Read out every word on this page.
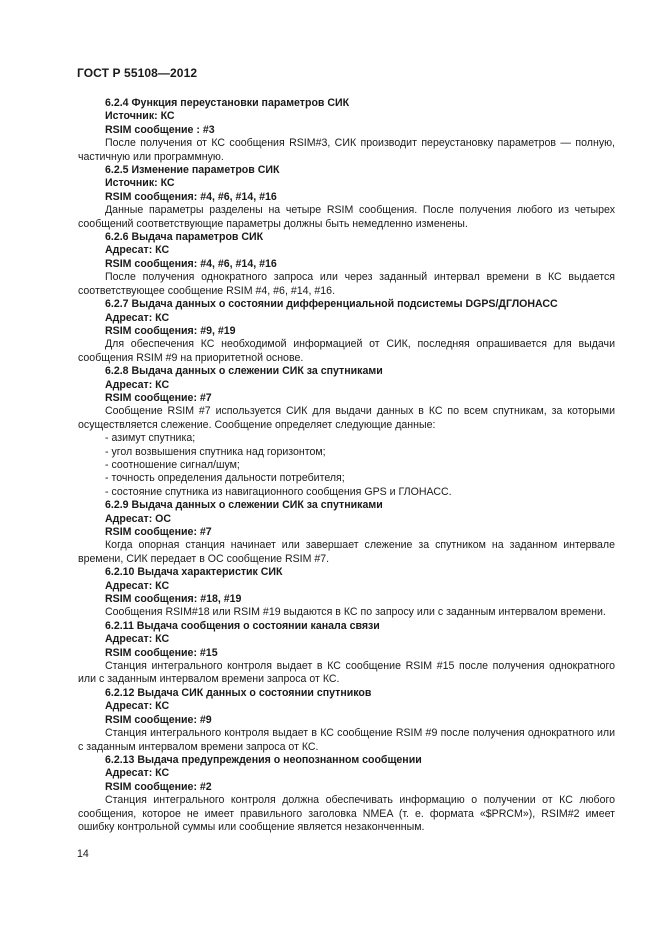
ГОСТ Р 55108—2012

6.2.4 Функция переустановки параметров СИК

Источник: КС

RSIM сообщение : #3

После получения от КС сообщения RSIM#3, СИК производит переустановку параметров — полную, частичную или программную.

6.2.5 Изменение параметров СИК

Источник: КС

RSIM сообщения: #4, #6, #14, #16

Данные параметры разделены на четыре RSIM сообщения. После получения любого из четырех сообщений соответствующие параметры должны быть немедленно изменены.

6.2.6 Выдача параметров СИК

Адресат: КС

RSIM сообщения: #4, #6, #14, #16

После получения однократного запроса или через заданный интервал времени в КС выдается соответствующее сообщение RSIM #4, #6, #14, #16.

6.2.7 Выдача данных о состоянии дифференциальной подсистемы DGPS/ДГЛОНАСС

Адресат: КС

RSIM сообщения: #9, #19

Для обеспечения КС необходимой информацией от СИК, последняя опрашивается для выдачи сообщения RSIM #9 на приоритетной основе.

6.2.8 Выдача данных о слежении СИК за спутниками

Адресат: КС

RSIM сообщение: #7

Сообщение RSIM #7 используется СИК для выдачи данных в КС по всем спутникам, за которыми осуществляется слежение. Сообщение определяет следующие данные:

- азимут спутника;

- угол возвышения спутника над горизонтом;

- соотношение сигнал/шум;

- точность определения дальности потребителя;

- состояние спутника из навигационного сообщения GPS и ГЛОНАСС.

6.2.9 Выдача данных о слежении СИК за спутниками

Адресат: ОС

RSIM сообщение: #7

Когда опорная станция начинает или завершает слежение за спутником на заданном интервале времени, СИК передает в ОС сообщение RSIM #7.

6.2.10 Выдача характеристик СИК

Адресат: КС

RSIM сообщения: #18, #19

Сообщения RSIM#18 или RSIM #19 выдаются в КС по запросу или с заданным интервалом времени.

6.2.11 Выдача сообщения о состоянии канала связи

Адресат: КС

RSIM сообщение: #15

Станция интегрального контроля выдает в КС сообщение RSIM #15 после получения однократного или с заданным интервалом времени запроса от КС.

6.2.12 Выдача СИК данных о состоянии спутников

Адресат: КС

RSIM сообщение: #9

Станция интегрального контроля выдает в КС сообщение RSIM #9 после получения однократного или с заданным интервалом времени запроса от КС.

6.2.13 Выдача предупреждения о неопознанном сообщении

Адресат: КС

RSIM сообщение: #2

Станция интегрального контроля должна обеспечивать информацию о получении от КС любого сообщения, которое не имеет правильного заголовка NMEA (т. е. формата «$PRCM»), RSIM#2 имеет ошибку контрольной суммы или сообщение является незаконченным.

14
